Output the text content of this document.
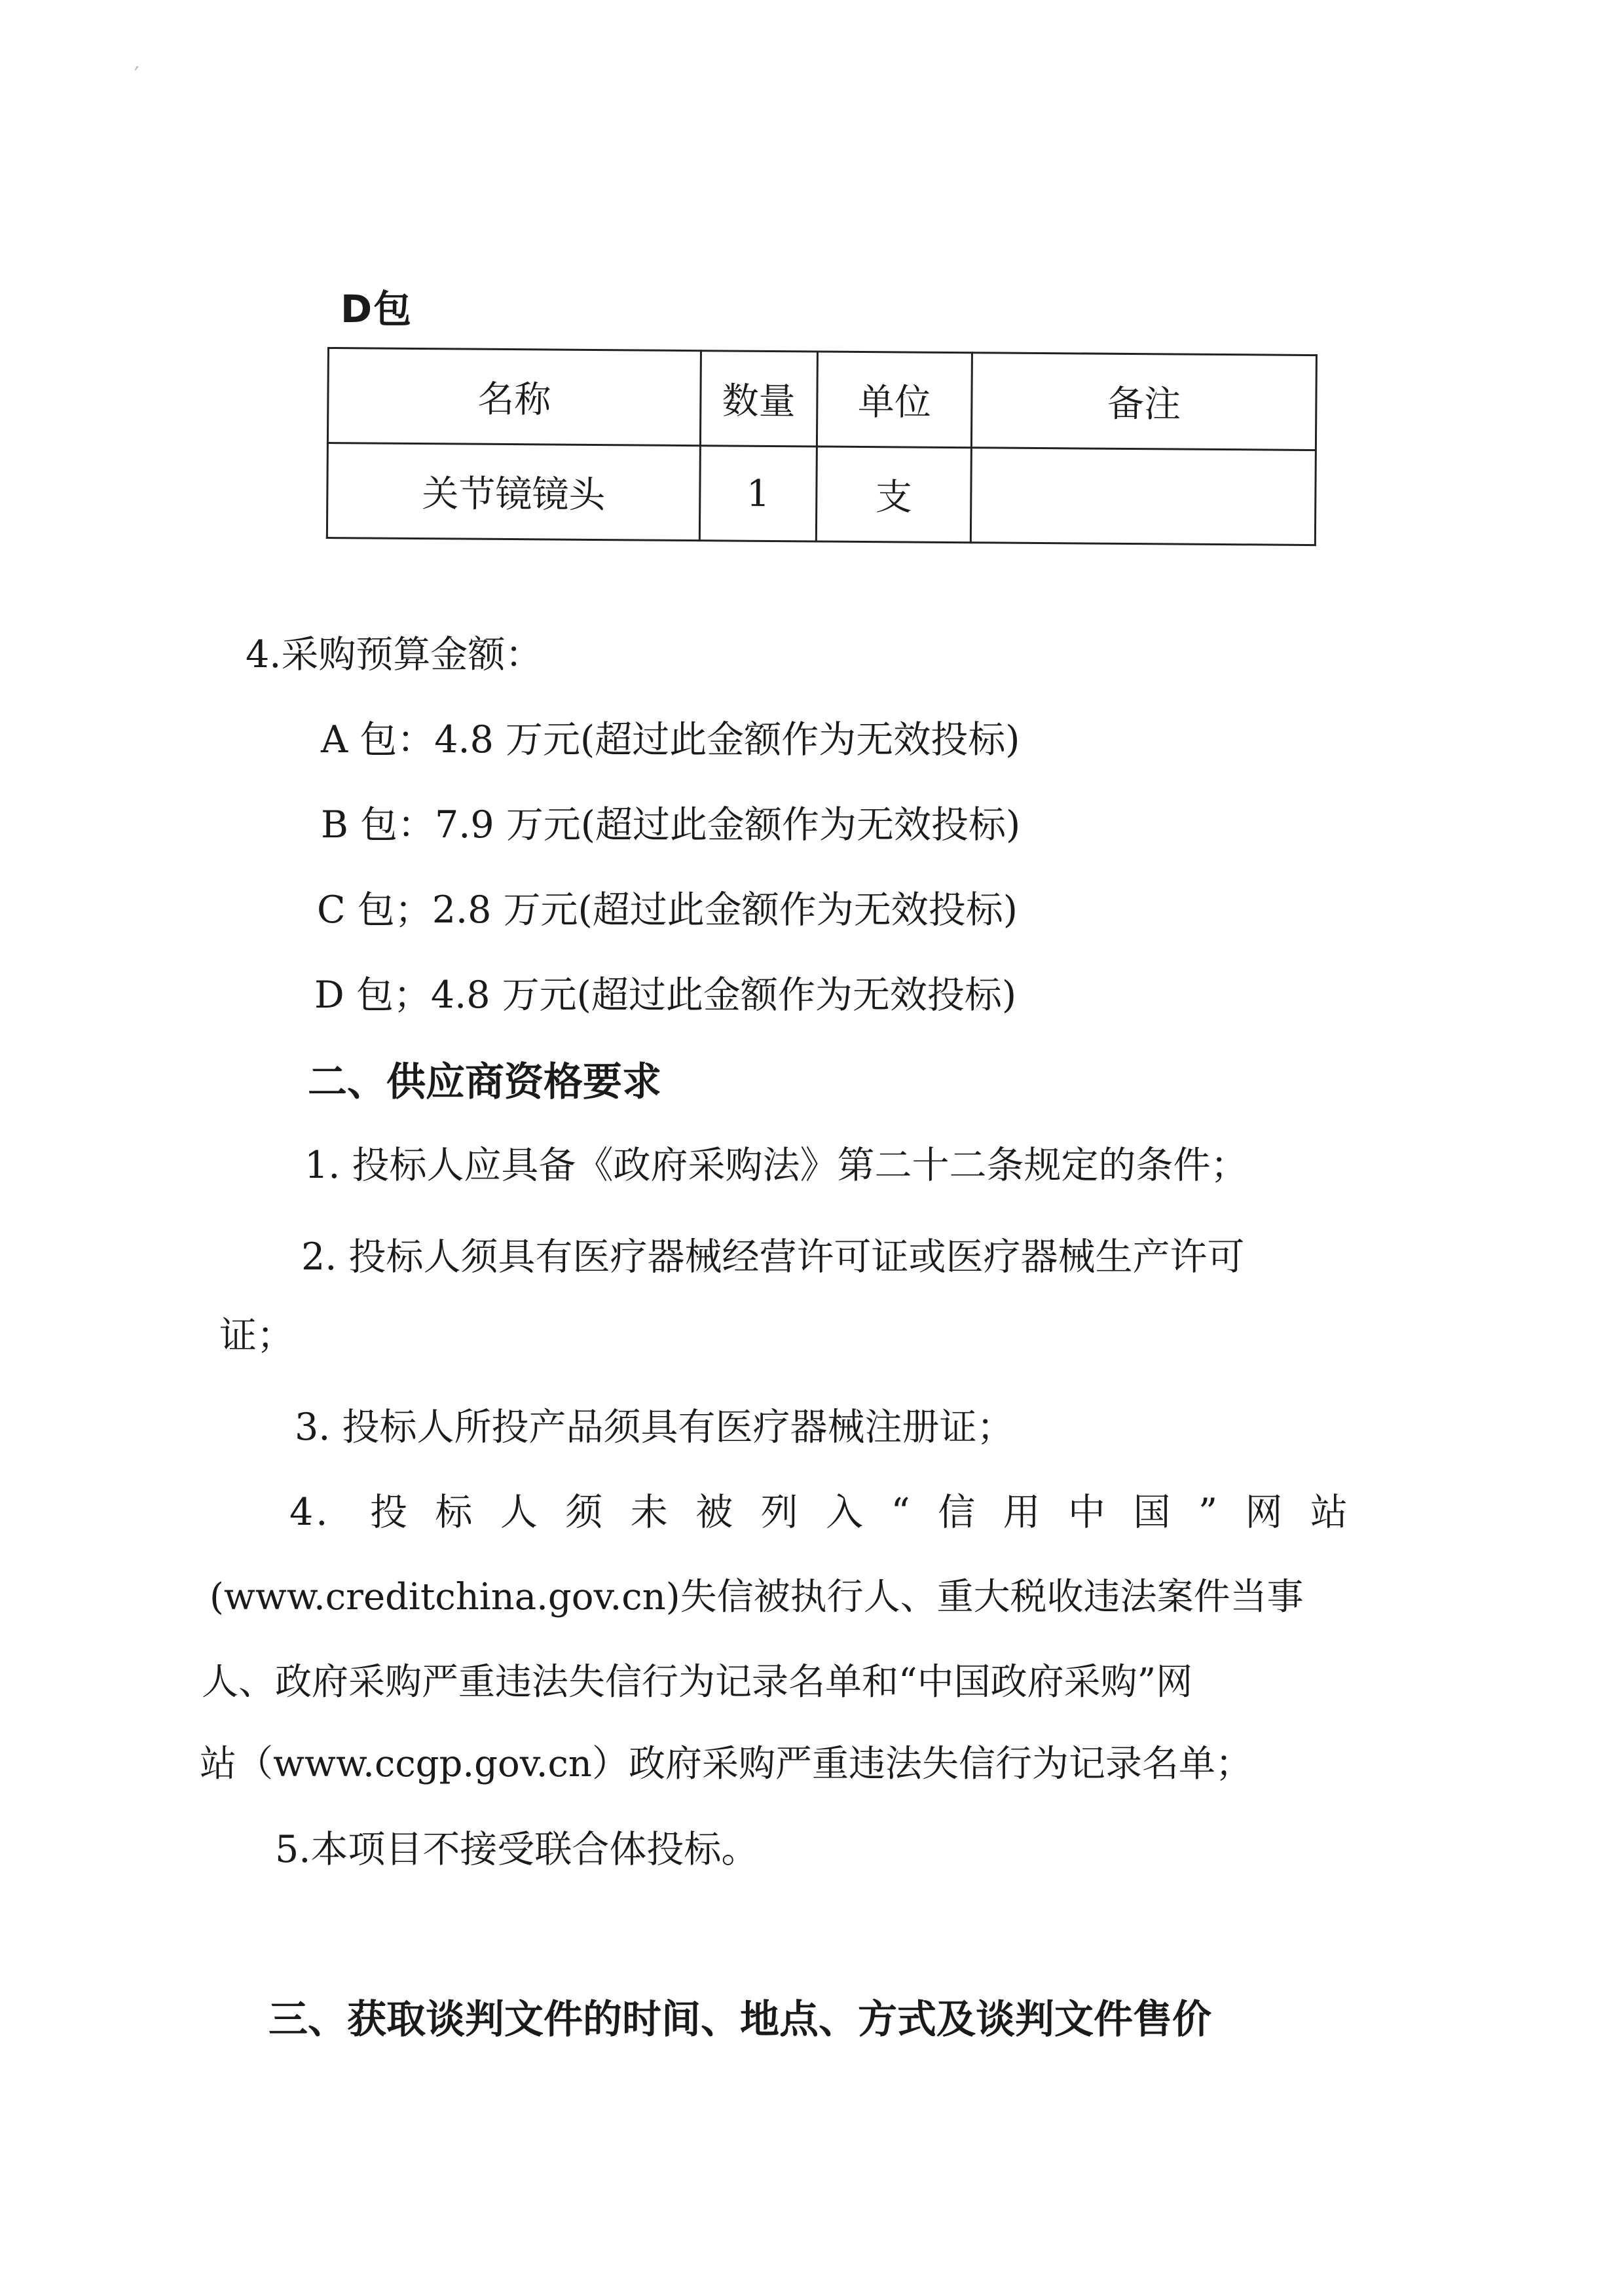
′
D包
名称	数量	单位	备注
关节镜镜头	1	支	
4.采购预算金额：
A 包：4.8 万元(超过此金额作为无效投标)
B 包：7.9 万元(超过此金额作为无效投标)
C 包；2.8 万元(超过此金额作为无效投标)
D 包；4.8 万元(超过此金额作为无效投标)
二、供应商资格要求
1. 投标人应具备《政府采购法》第二十二条规定的条件；
2. 投标人须具有医疗器械经营许可证或医疗器械生产许可
证；
3. 投标人所投产品须具有医疗器械注册证；
4. 投标人须未被列入“信用中国”网站
(www.creditchina.gov.cn)失信被执行人、重大税收违法案件当事
人、政府采购严重违法失信行为记录名单和“中国政府采购”网
站（www.ccgp.gov.cn）政府采购严重违法失信行为记录名单；
5.本项目不接受联合体投标。
三、获取谈判文件的时间、地点、方式及谈判文件售价
